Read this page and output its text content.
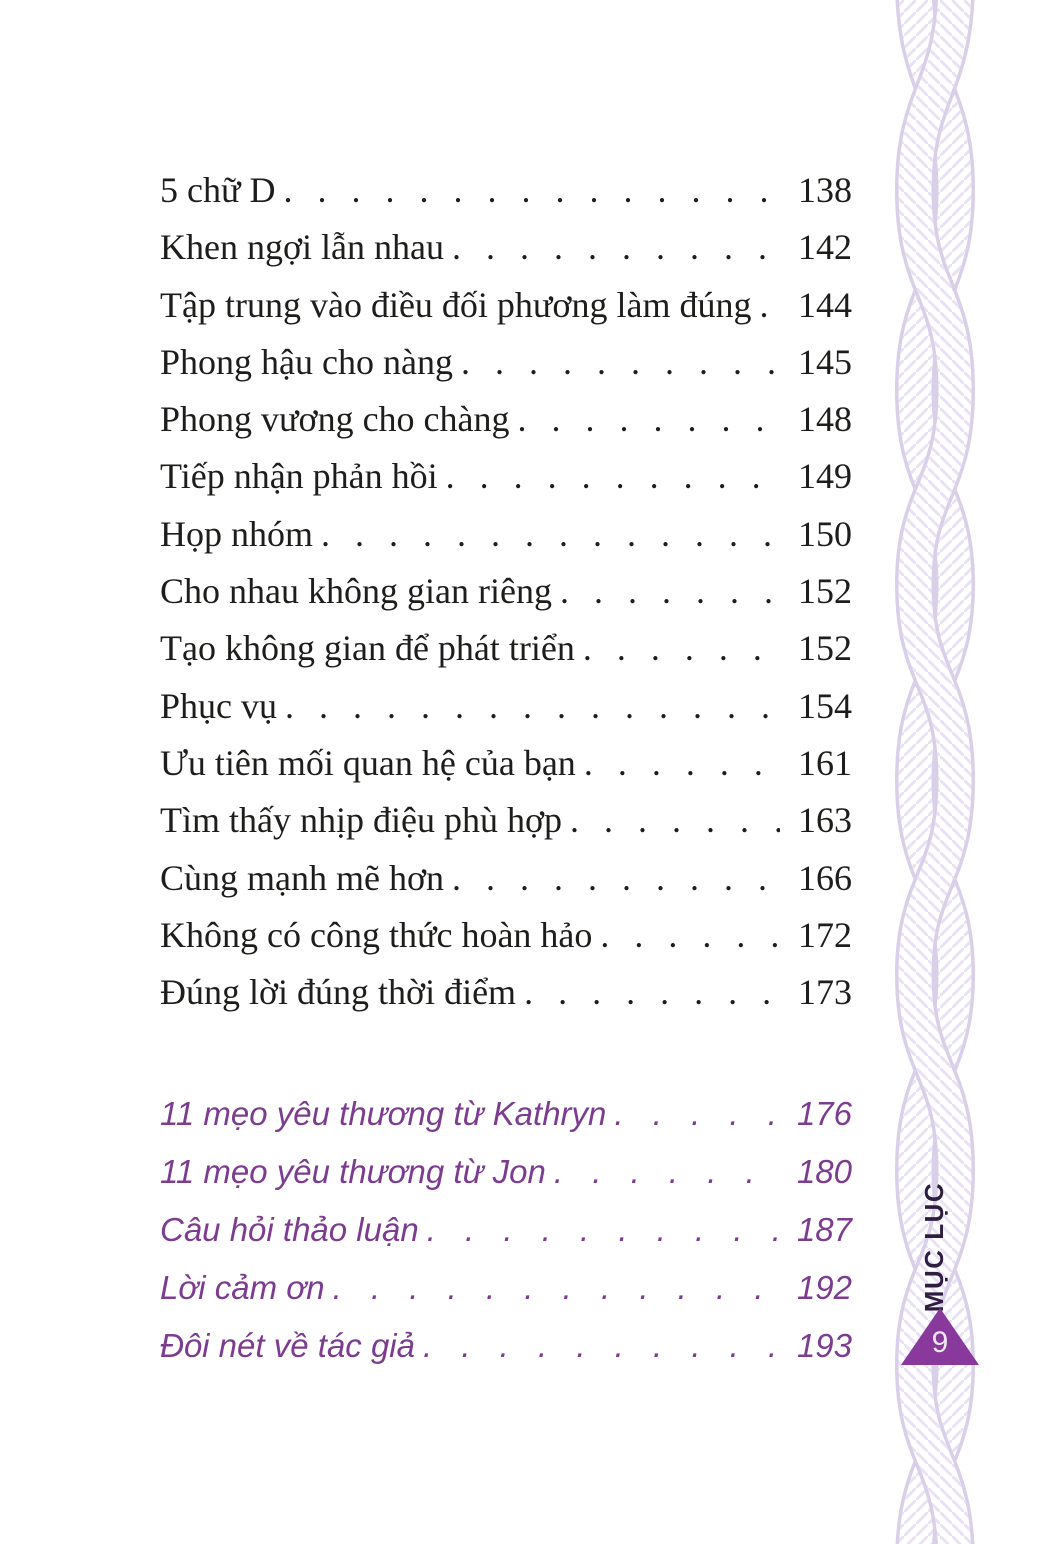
MỤC LỤC
9
5 chữ D . . .	138
Khen ngợi lẫn nhau . . .	142
Tập trung vào điều đối phương làm đúng . . .	144
Phong hậu cho nàng . . .	145
Phong vương cho chàng . . .	148
Tiếp nhận phản hồi . . .	149
Họp nhóm . . .	150
Cho nhau không gian riêng . . .	152
Tạo không gian để phát triển . . .	152
Phục vụ . . .	154
Ưu tiên mối quan hệ của bạn . . .	161
Tìm thấy nhịp điệu phù hợp . . .	163
Cùng mạnh mẽ hơn . . .	166
Không có công thức hoàn hảo . . .	172
Đúng lời đúng thời điểm . . .	173
11 mẹo yêu thương từ Kathryn . . .	176
11 mẹo yêu thương từ Jon . . .	180
Câu hỏi thảo luận . . .	187
Lời cảm ơn . . .	192
Đôi nét về tác giả . . .	193
